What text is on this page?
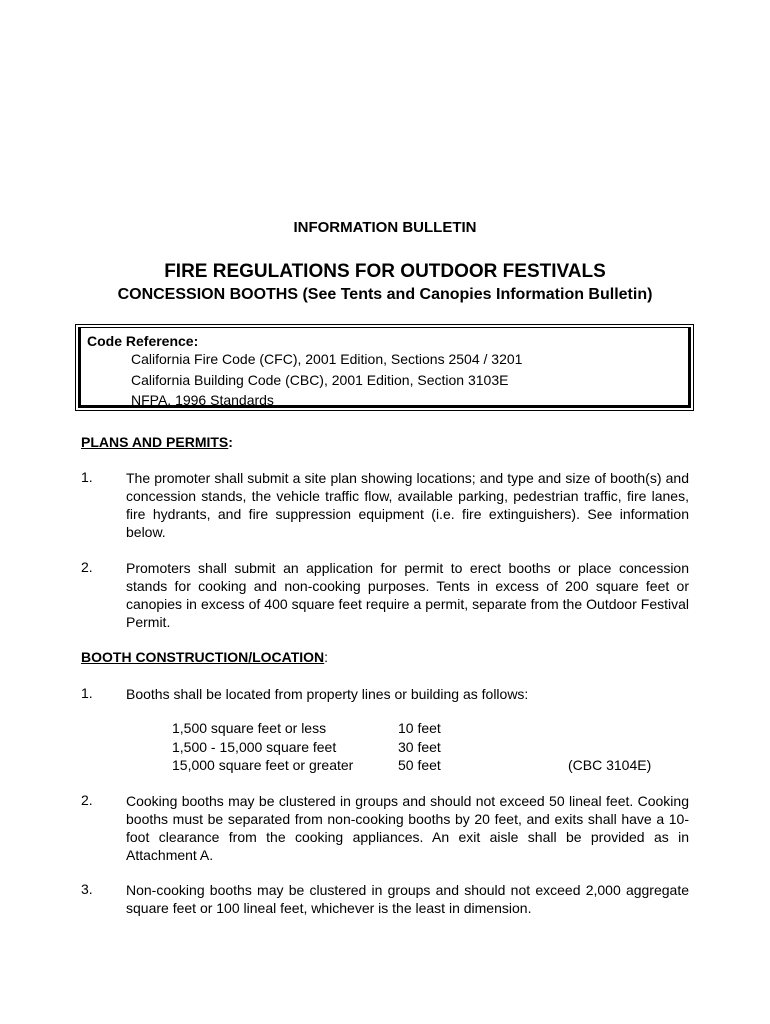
INFORMATION BULLETIN
FIRE REGULATIONS FOR OUTDOOR FESTIVALS
CONCESSION BOOTHS (See Tents and Canopies Information Bulletin)
Code Reference:
California Fire Code (CFC), 2001 Edition, Sections 2504 / 3201
California Building Code (CBC), 2001 Edition, Section 3103E
NFPA, 1996 Standards
PLANS AND PERMITS:
1. The promoter shall submit a site plan showing locations; and type and size of booth(s) and concession stands, the vehicle traffic flow, available parking, pedestrian traffic, fire lanes, fire hydrants, and fire suppression equipment (i.e. fire extinguishers). See information below.
2. Promoters shall submit an application for permit to erect booths or place concession stands for cooking and non-cooking purposes. Tents in excess of 200 square feet or canopies in excess of 400 square feet require a permit, separate from the Outdoor Festival Permit.
BOOTH CONSTRUCTION/LOCATION:
1. Booths shall be located from property lines or building as follows:
1,500 square feet or less	10 feet
1,500 - 15,000 square feet	30 feet
15,000 square feet or greater	50 feet	(CBC 3104E)
2. Cooking booths may be clustered in groups and should not exceed 50 lineal feet. Cooking booths must be separated from non-cooking booths by 20 feet, and exits shall have a 10-foot clearance from the cooking appliances. An exit aisle shall be provided as in Attachment A.
3. Non-cooking booths may be clustered in groups and should not exceed 2,000 aggregate square feet or 100 lineal feet, whichever is the least in dimension.
